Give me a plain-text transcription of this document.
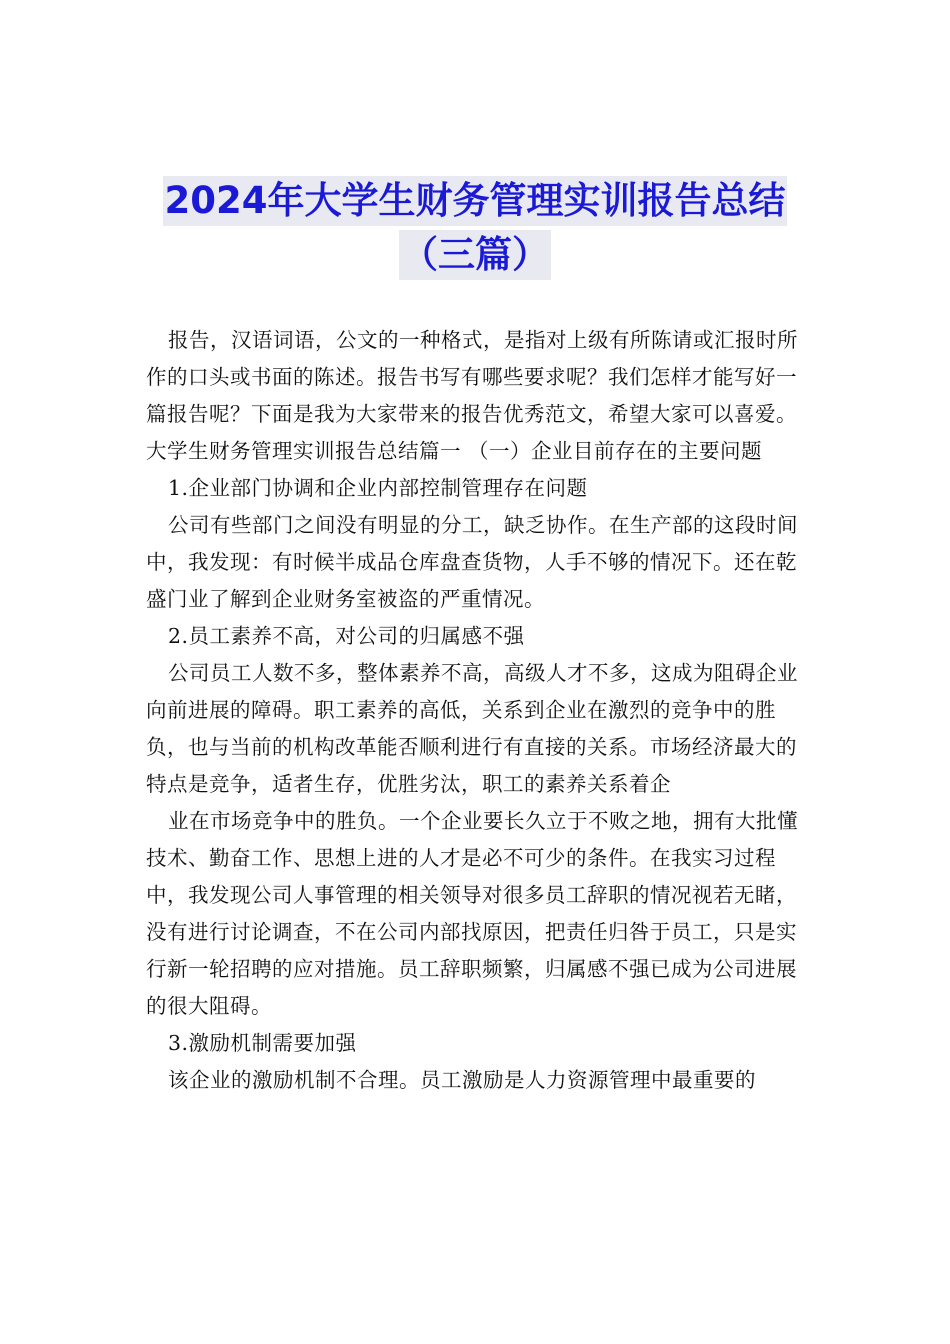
2024年大学生财务管理实训报告总结
（三篇）

报告，汉语词语，公文的一种格式，是指对上级有所陈请或汇报时所作的口头或书面的陈述。报告书写有哪些要求呢？我们怎样才能写好一篇报告呢？下面是我为大家带来的报告优秀范文，希望大家可以喜爱。

大学生财务管理实训报告总结篇一 （一）企业目前存在的主要问题

1.企业部门协调和企业内部控制管理存在问题

公司有些部门之间没有明显的分工，缺乏协作。在生产部的这段时间中，我发现：有时候半成品仓库盘查货物，人手不够的情况下。还在乾盛门业了解到企业财务室被盗的严重情况。

2.员工素养不高，对公司的归属感不强

公司员工人数不多，整体素养不高，高级人才不多，这成为阻碍企业向前进展的障碍。职工素养的高低，关系到企业在激烈的竞争中的胜负，也与当前的机构改革能否顺利进行有直接的关系。市场经济最大的特点是竞争，适者生存，优胜劣汰，职工的素养关系着企

业在市场竞争中的胜负。一个企业要长久立于不败之地，拥有大批懂技术、勤奋工作、思想上进的人才是必不可少的条件。在我实习过程中，我发现公司人事管理的相关领导对很多员工辞职的情况视若无睹，没有进行讨论调查，不在公司内部找原因，把责任归咎于员工，只是实行新一轮招聘的应对措施。员工辞职频繁，归属感不强已成为公司进展的很大阻碍。

3.激励机制需要加强

该企业的激励机制不合理。员工激励是人力资源管理中最重要的
